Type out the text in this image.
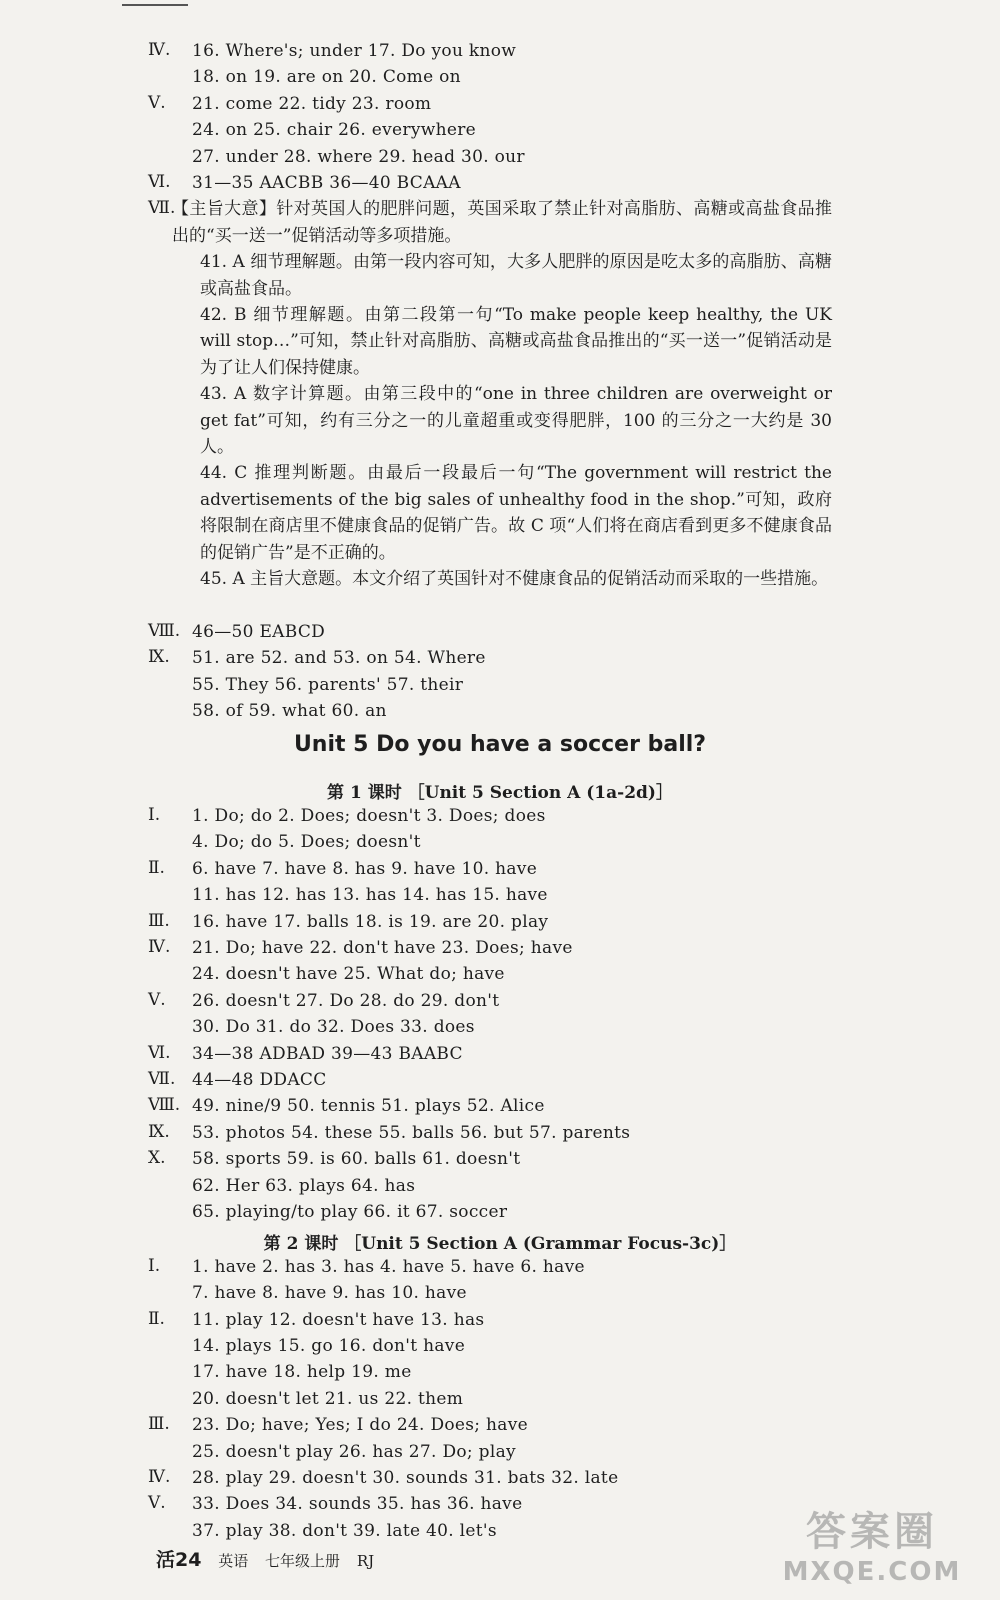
Ⅳ. 16. Where's; under 17. Do you know
18. on 19. are on 20. Come on
Ⅴ. 21. come 22. tidy 23. room
24. on 25. chair 26. everywhere
27. under 28. where 29. head 30. our
Ⅵ. 31—35 AACBB 36—40 BCAAA
Ⅶ.
【主旨大意】针对英国人的肥胖问题，英国采取了禁止针对高脂肪、高糖或高盐食品推出的“买一送一”促销活动等多项措施。
41. A 细节理解题。由第一段内容可知，大多人肥胖的原因是吃太多的高脂肪、高糖或高盐食品。
42. B 细节理解题。由第二段第一句“To make people keep healthy, the UK will stop…”可知，禁止针对高脂肪、高糖或高盐食品推出的“买一送一”促销活动是为了让人们保持健康。
43. A 数字计算题。由第三段中的“one in three children are overweight or get fat”可知，约有三分之一的儿童超重或变得肥胖，100 的三分之一大约是 30 人。
44. C 推理判断题。由最后一段最后一句“The government will restrict the advertisements of the big sales of unhealthy food in the shop.”可知，政府将限制在商店里不健康食品的促销广告。故 C 项“人们将在商店看到更多不健康食品的促销广告”是不正确的。
45. A 主旨大意题。本文介绍了英国针对不健康食品的促销活动而采取的一些措施。
Ⅷ. 46—50 EABCD
Ⅸ. 51. are 52. and 53. on 54. Where
55. They 56. parents' 57. their
58. of 59. what 60. an
第 1 课时 ［Unit 5 Section A (1a-2d)］
Ⅰ. 1. Do; do 2. Does; doesn't 3. Does; does
4. Do; do 5. Does; doesn't
Ⅱ. 6. have 7. have 8. has 9. have 10. have
11. has 12. has 13. has 14. has 15. have
Ⅲ. 16. have 17. balls 18. is 19. are 20. play
Ⅳ. 21. Do; have 22. don't have 23. Does; have
24. doesn't have 25. What do; have
Ⅴ. 26. doesn't 27. Do 28. do 29. don't
30. Do 31. do 32. Does 33. does
Ⅵ. 34—38 ADBAD 39—43 BAABC
Ⅶ. 44—48 DDACC
Ⅷ. 49. nine/9 50. tennis 51. plays 52. Alice
Ⅸ. 53. photos 54. these 55. balls 56. but 57. parents
Ⅹ. 58. sports 59. is 60. balls 61. doesn't
62. Her 63. plays 64. has
65. playing/to play 66. it 67. soccer
第 2 课时 ［Unit 5 Section A (Grammar Focus-3c)］
Ⅰ. 1. have 2. has 3. has 4. have 5. have 6. have
7. have 8. have 9. has 10. have
Ⅱ. 11. play 12. doesn't have 13. has
14. plays 15. go 16. don't have
17. have 18. help 19. me
20. doesn't let 21. us 22. them
Ⅲ. 23. Do; have; Yes; I do 24. Does; have
25. doesn't play 26. has 27. Do; play
Ⅳ. 28. play 29. doesn't 30. sounds 31. bats 32. late
Ⅴ. 33. Does 34. sounds 35. has 36. have
37. play 38. don't 39. late 40. let's
Unit 5 Do you have a soccer ball?
活24 英语 七年级上册 RJ
答案圈
MXQE.COM
